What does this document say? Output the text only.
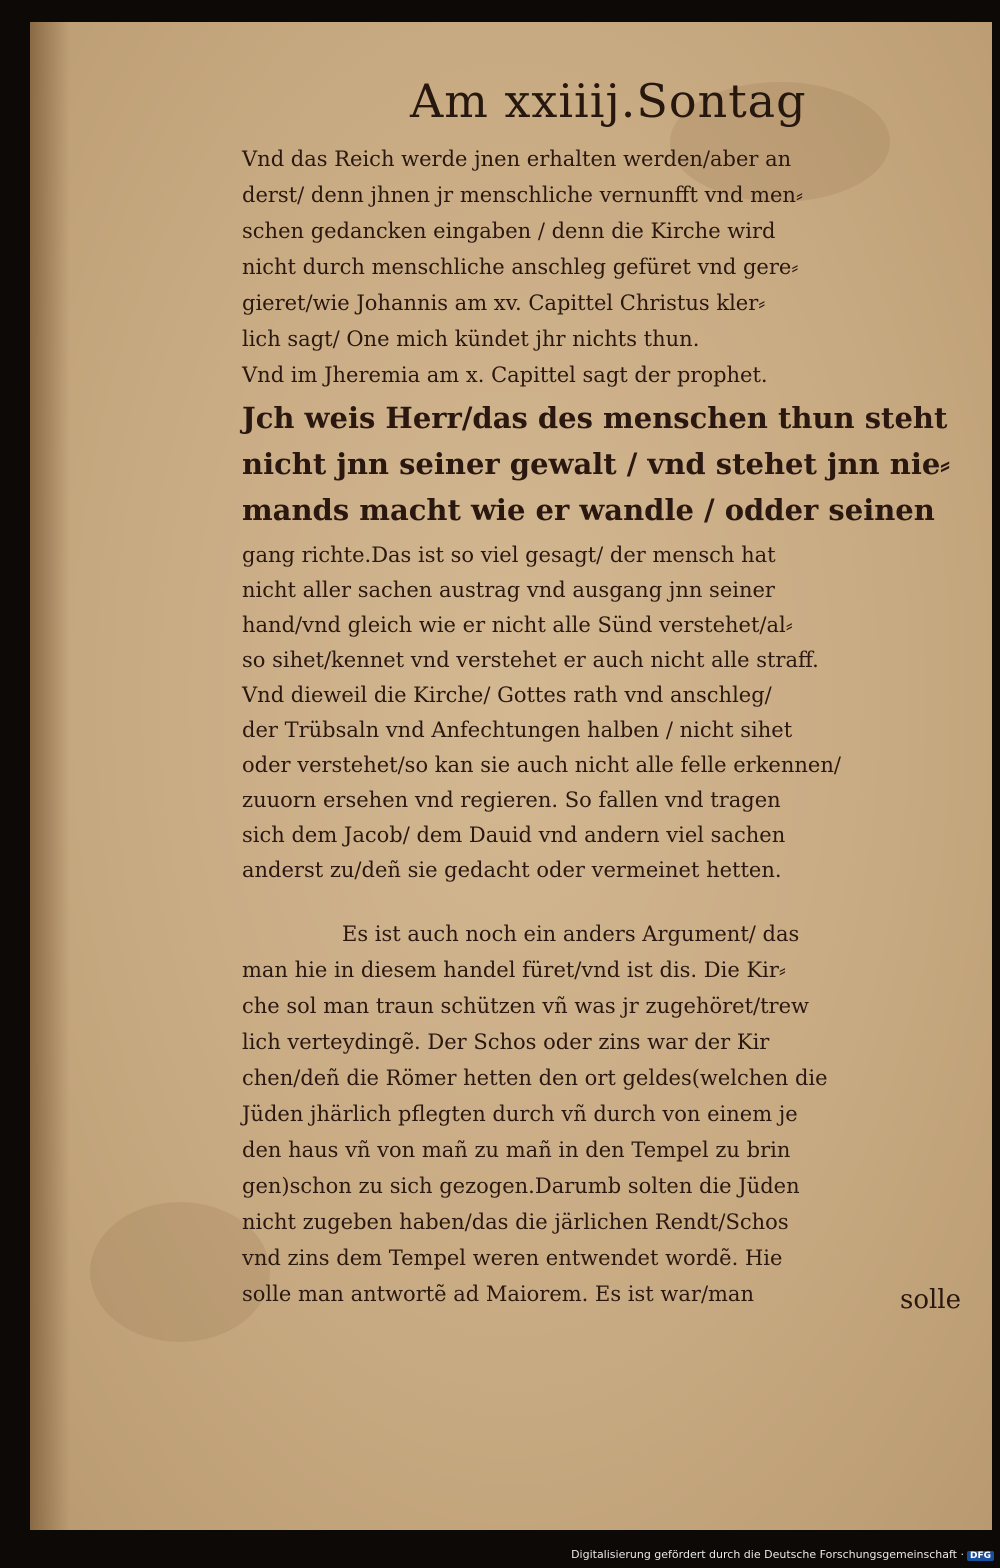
Am xxiiij.Sontag
Vnd das Reich werde jnen erhalten werden/aber an
derst/ denn jhnen jr menschliche vernunfft vnd men⸗
schen gedancken eingaben / denn die Kirche wird
nicht durch menschliche anschleg gefüret vnd gere⸗
gieret/wie Johannis am xv. Capittel Christus kler⸗
lich sagt/ One mich kündet jhr nichts thun.
Vnd im Jheremia am x. Capittel sagt der prophet.
Jch weis Herr/das des menschen thun steht
nicht jnn seiner gewalt / vnd stehet jnn nie⸗
mands macht wie er wandle / odder seinen
gang richte.Das ist so viel gesagt/ der mensch hat
nicht aller sachen austrag vnd ausgang jnn seiner
hand/vnd gleich wie er nicht alle Sünd verstehet/al⸗
so sihet/kennet vnd verstehet er auch nicht alle straff.
Vnd dieweil die Kirche/ Gottes rath vnd anschleg/
der Trübsaln vnd Anfechtungen halben / nicht sihet
oder verstehet/so kan sie auch nicht alle felle erkennen/
zuuorn ersehen vnd regieren. So fallen vnd tragen
sich dem Jacob/ dem Dauid vnd andern viel sachen
anderst zu/deñ sie gedacht oder vermeinet hetten.
Es ist auch noch ein anders Argument/ das
man hie in diesem handel füret/vnd ist dis. Die Kir⸗
che sol man traun schützen vñ was jr zugehöret/trew
lich verteydingẽ. Der Schos oder zins war der Kir
chen/deñ die Römer hetten den ort geldes(welchen die
Jüden jhärlich pflegten durch vñ durch von einem je
den haus vñ von mañ zu mañ in den Tempel zu brin
gen)schon zu sich gezogen.Darumb solten die Jüden
nicht zugeben haben/das die järlichen Rendt/Schos
vnd zins dem Tempel weren entwendet wordẽ. Hie
solle man antwortẽ ad Maiorem. Es ist war/man	solle
Digitalisierung gefördert durch die Deutsche Forschungsgemeinschaft · DFG
